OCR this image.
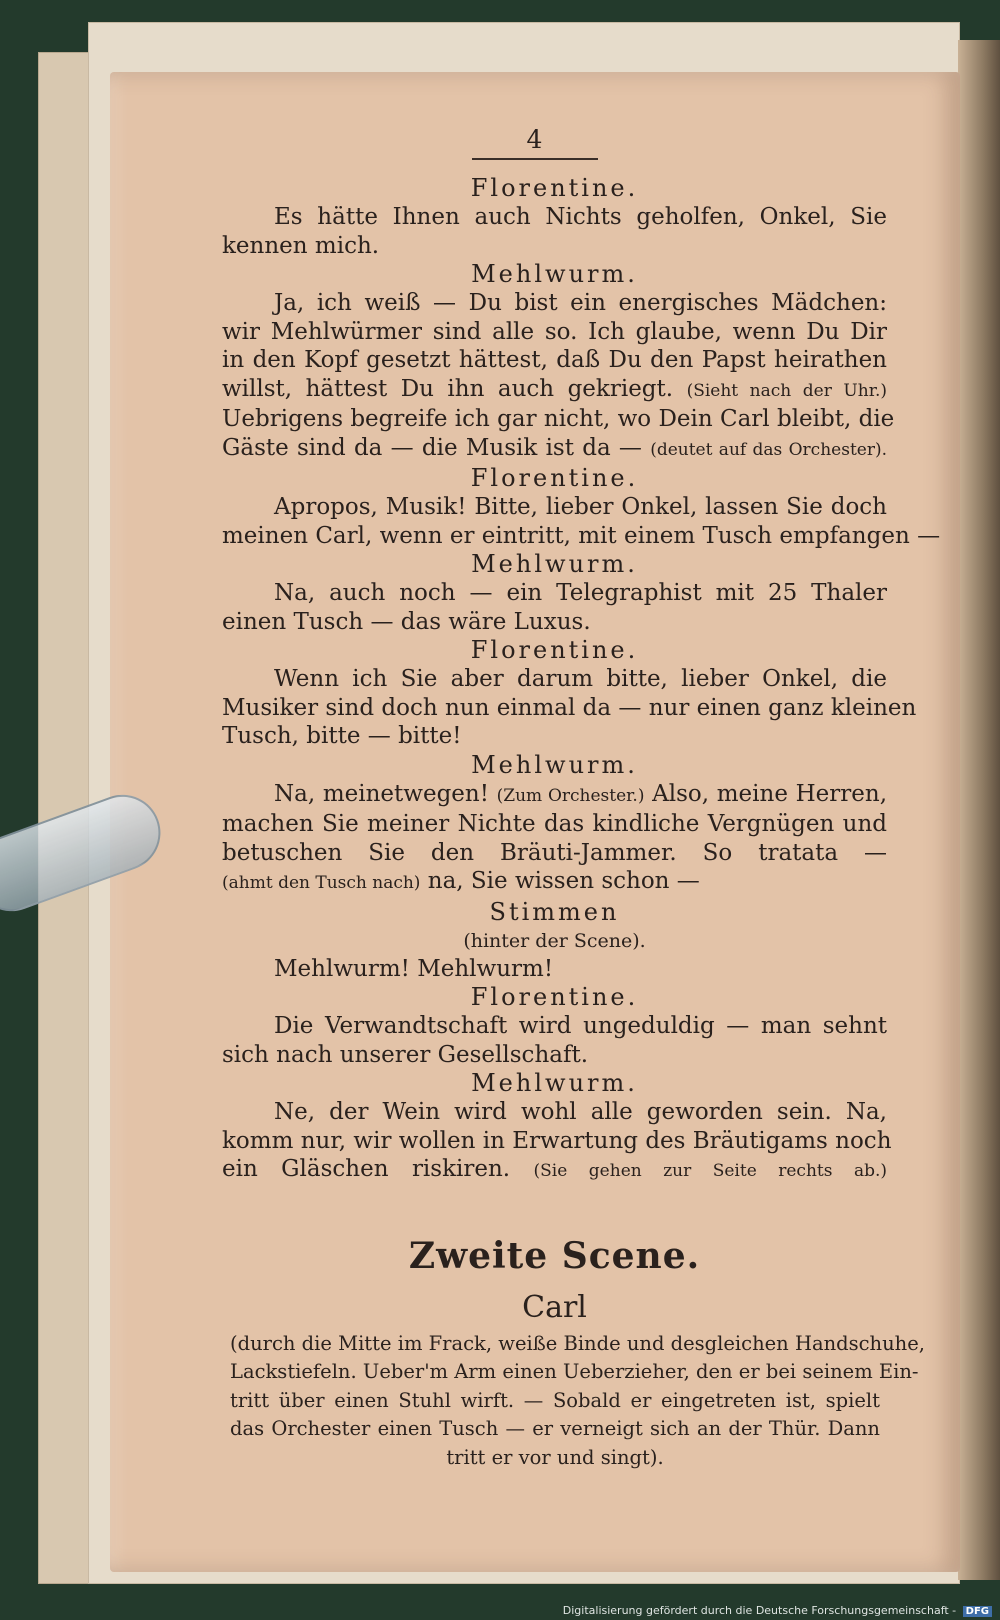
4
Florentine.
Es hätte Ihnen auch Nichts geholfen, Onkel, Sie
kennen mich.
Mehlwurm.
Ja, ich weiß — Du bist ein energisches Mädchen:
wir Mehlwürmer sind alle so. Ich glaube, wenn Du Dir
in den Kopf gesetzt hättest, daß Du den Papst heirathen
willst, hättest Du ihn auch gekriegt. (Sieht nach der Uhr.)
Uebrigens begreife ich gar nicht, wo Dein Carl bleibt, die
Gäste sind da — die Musik ist da — (deutet auf das Orchester).
Florentine.
Apropos, Musik! Bitte, lieber Onkel, lassen Sie doch
meinen Carl, wenn er eintritt, mit einem Tusch empfangen —
Mehlwurm.
Na, auch noch — ein Telegraphist mit 25 Thaler
einen Tusch — das wäre Luxus.
Florentine.
Wenn ich Sie aber darum bitte, lieber Onkel, die
Musiker sind doch nun einmal da — nur einen ganz kleinen
Tusch, bitte — bitte!
Mehlwurm.
Na, meinetwegen! (Zum Orchester.) Also, meine Herren,
machen Sie meiner Nichte das kindliche Vergnügen und
betuschen Sie den Bräuti-Jammer. So tratata —
(ahmt den Tusch nach) na, Sie wissen schon —
Stimmen
(hinter der Scene).
Mehlwurm! Mehlwurm!
Florentine.
Die Verwandtschaft wird ungeduldig — man sehnt
sich nach unserer Gesellschaft.
Mehlwurm.
Ne, der Wein wird wohl alle geworden sein. Na,
komm nur, wir wollen in Erwartung des Bräutigams noch
ein Gläschen riskiren. (Sie gehen zur Seite rechts ab.)
Zweite Scene.
Carl
(durch die Mitte im Frack, weiße Binde und desgleichen Handschuhe,
Lackstiefeln. Ueber'm Arm einen Ueberzieher, den er bei seinem Ein-
tritt über einen Stuhl wirft. — Sobald er eingetreten ist, spielt
das Orchester einen Tusch — er verneigt sich an der Thür. Dann
tritt er vor und singt).
Digitalisierung gefördert durch die Deutsche Forschungsgemeinschaft - DFG
